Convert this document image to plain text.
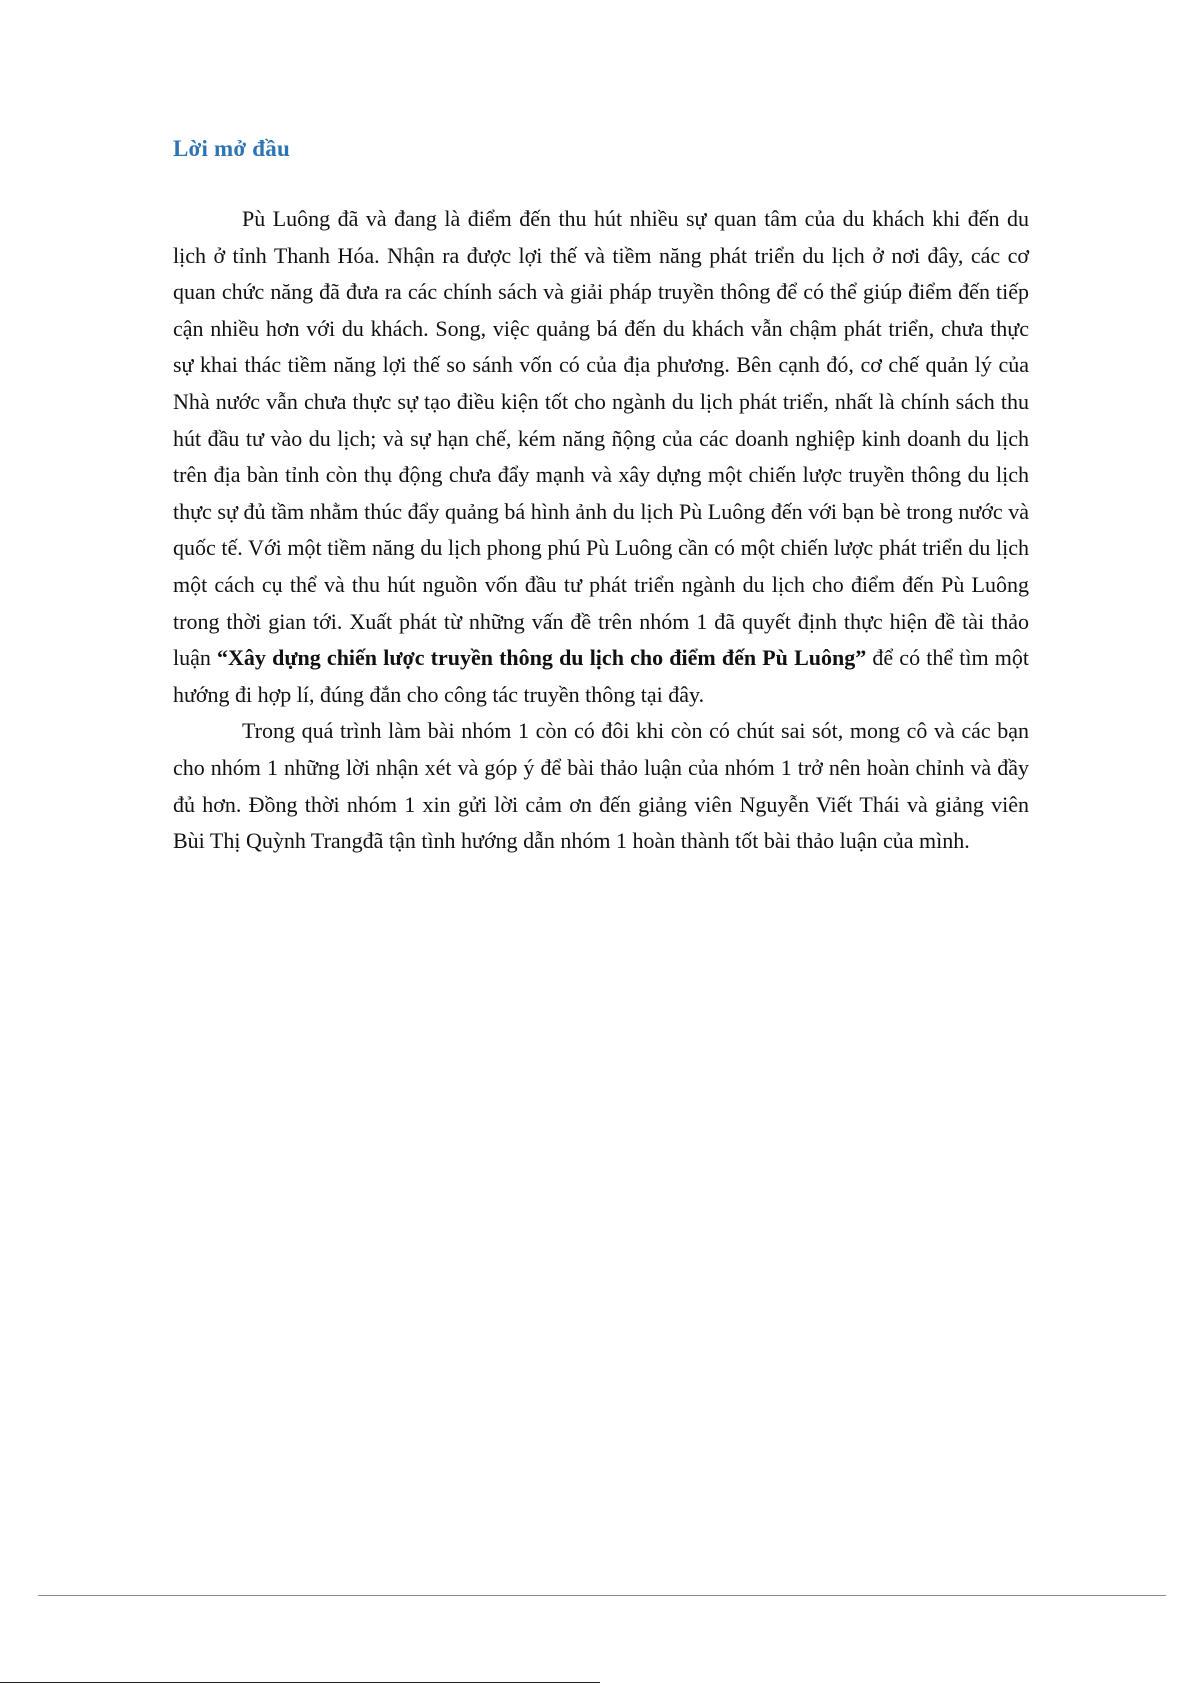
Lời mở đầu

Pù Luông đã và đang là điểm đến thu hút nhiều sự quan tâm của du khách khi đến du lịch ở tỉnh Thanh Hóa. Nhận ra được lợi thế và tiềm năng phát triển du lịch ở nơi đây, các cơ quan chức năng đã đưa ra các chính sách và giải pháp truyền thông để có thể giúp điểm đến tiếp cận nhiều hơn với du khách. Song, việc quảng bá đến du khách vẫn chậm phát triển, chưa thực sự khai thác tiềm năng lợi thế so sánh vốn có của địa phương. Bên cạnh đó, cơ chế quản lý của Nhà nước vẫn chưa thực sự tạo điều kiện tốt cho ngành du lịch phát triển, nhất là chính sách thu hút đầu tư vào du lịch; và sự hạn chế, kém năng ñộng của các doanh nghiệp kinh doanh du lịch trên địa bàn tỉnh còn thụ động chưa đẩy mạnh và xây dựng một chiến lược truyền thông du lịch thực sự đủ tầm nhằm thúc đẩy quảng bá hình ảnh du lịch Pù Luông đến với bạn bè trong nước và quốc tế. Với một tiềm năng du lịch phong phú Pù Luông cần có một chiến lược phát triển du lịch một cách cụ thể và thu hút nguồn vốn đầu tư phát triển ngành du lịch cho điểm đến Pù Luông trong thời gian tới. Xuất phát từ những vấn đề trên nhóm 1 đã quyết định thực hiện đề tài thảo luận “Xây dựng chiến lược truyền thông du lịch cho điểm đến Pù Luông” để có thể tìm một hướng đi hợp lí, đúng đắn cho công tác truyền thông tại đây.

Trong quá trình làm bài nhóm 1 còn có đôi khi còn có chút sai sót, mong cô và các bạn cho nhóm 1 những lời nhận xét và góp ý để bài thảo luận của nhóm 1 trở nên hoàn chỉnh và đầy đủ hơn. Đồng thời nhóm 1 xin gửi lời cảm ơn đến giảng viên Nguyễn Viết Thái và giảng viên Bùi Thị Quỳnh Trangđã tận tình hướng dẫn nhóm 1 hoàn thành tốt bài thảo luận của mình.
